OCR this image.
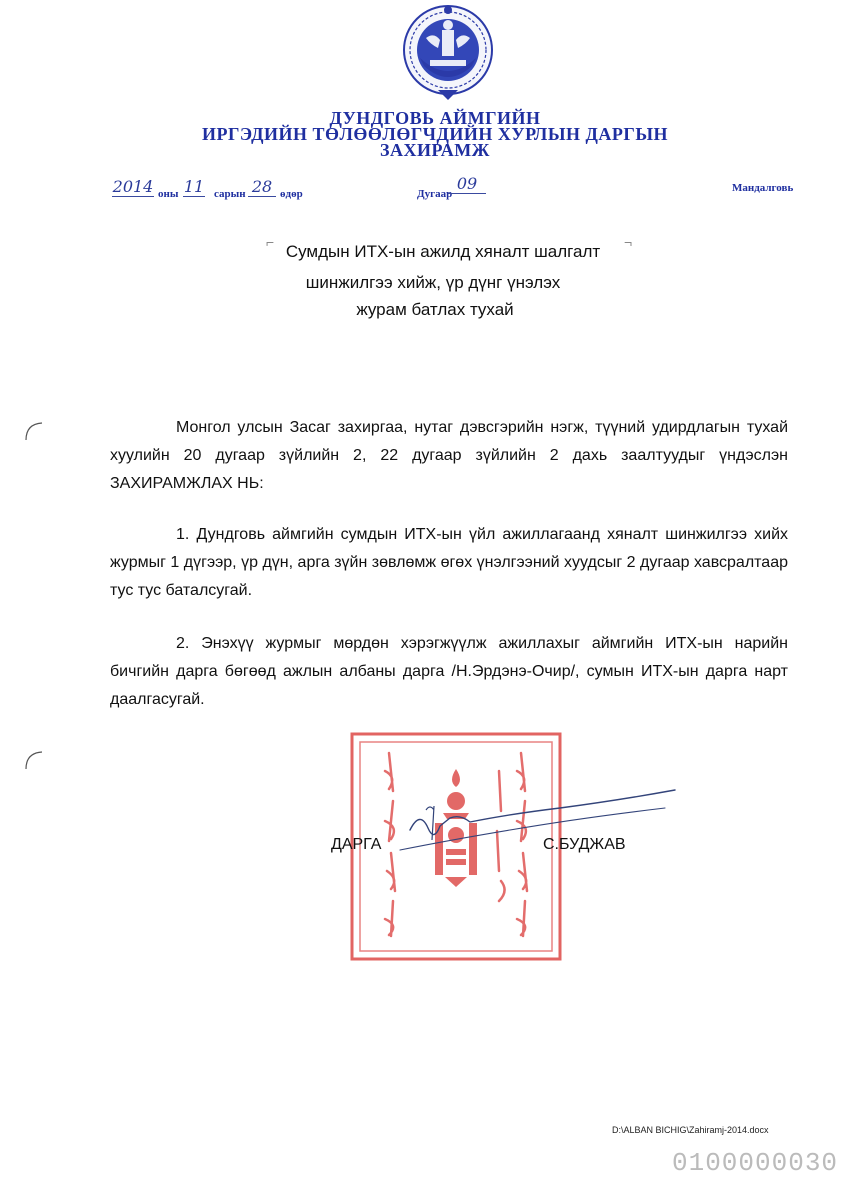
ДУНДГОВЬ АЙМГИЙН
ИРГЭДИЙН ТӨЛӨӨЛӨГЧДИЙН ХУРЛЫН ДАРГЫН
ЗАХИРАМЖ
2014 оны 11 сарын 28 өдөр	Дугаар
09	Мандалговь
⌐	¬
Сумдын ИТХ-ын ажилд хяналт шалгалт
шинжилгээ хийж, үр дүнг үнэлэх
журам батлах тухай
Монгол улсын Засаг захиргаа, нутаг дэвсгэрийн нэгж, түүний удирдлагын тухай хуулийн 20 дугаар зүйлийн 2, 22 дугаар зүйлийн 2 дахь заалтуудыг үндэслэн ЗАХИРАМЖЛАХ НЬ:
1. Дундговь аймгийн сумдын ИТХ-ын үйл ажиллагаанд хяналт шинжилгээ хийх журмыг 1 дүгээр, үр дүн, арга зүйн зөвлөмж өгөх үнэлгээний хуудсыг 2 дугаар хавсралтаар тус тус баталсугай.
2. Энэхүү журмыг мөрдөн хэрэгжүүлж ажиллахыг аймгийн ИТХ-ын нарийн бичгийн дарга бөгөөд ажлын албаны дарга /Н.Эрдэнэ-Очир/, сумын ИТХ-ын дарга нарт даалгасугай.
ДАРГА	С.БУДЖАВ
D:\ALBAN BICHIG\Zahiramj-2014.docx
0100000030
